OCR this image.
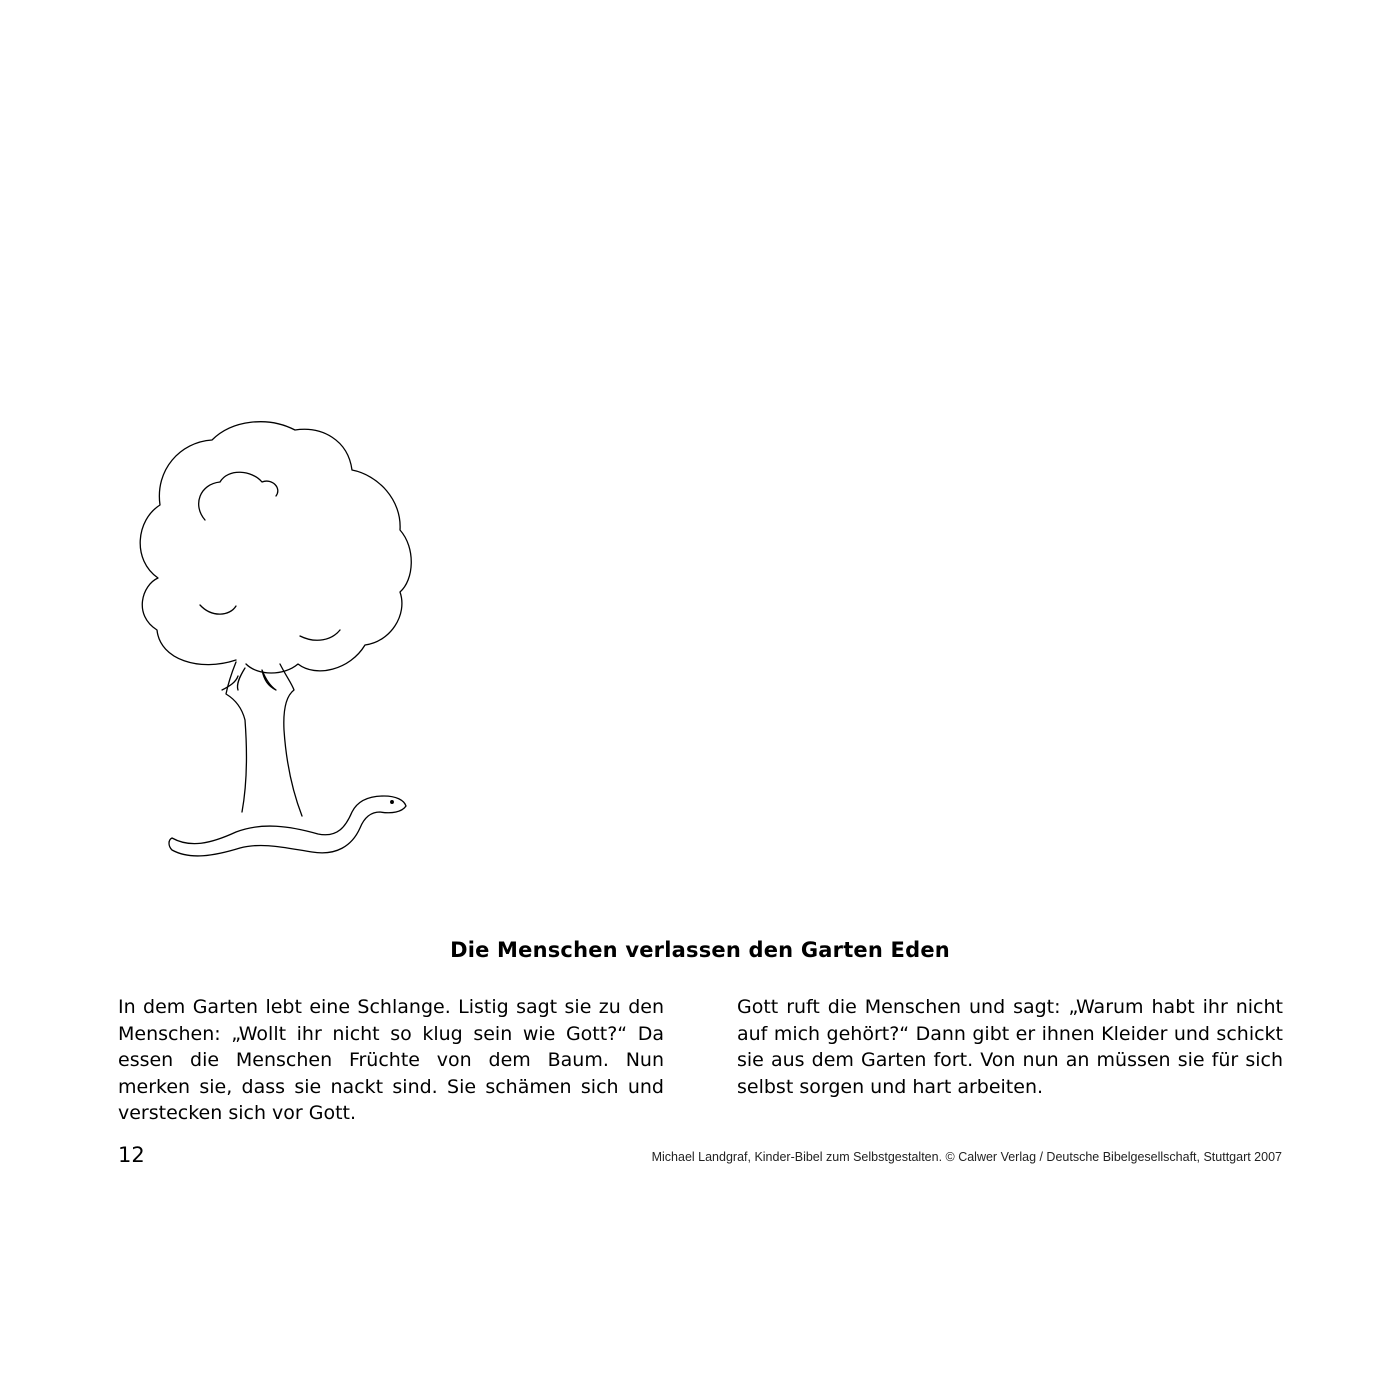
Die Menschen verlassen den Garten Eden
In dem Garten lebt eine Schlange. Listig sagt sie zu den Menschen: „Wollt ihr nicht so klug sein wie Gott?“ Da essen die Menschen Früchte von dem Baum. Nun merken sie, dass sie nackt sind. Sie schämen sich und verstecken sich vor Gott.
Gott ruft die Menschen und sagt: „Warum habt ihr nicht auf mich gehört?“ Dann gibt er ihnen Kleider und schickt sie aus dem Garten fort. Von nun an müssen sie für sich selbst sorgen und hart arbeiten.
12	Michael Landgraf, Kinder-Bibel zum Selbstgestalten. © Calwer Verlag / Deutsche Bibelgesellschaft, Stuttgart 2007
